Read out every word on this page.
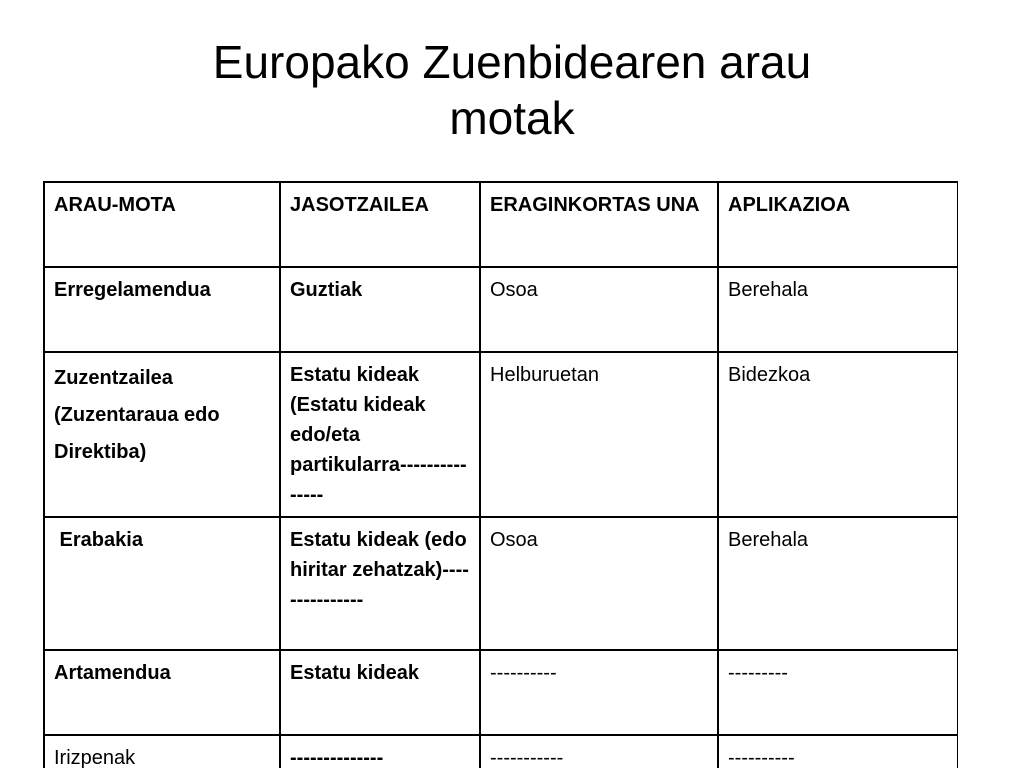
Europako Zuenbidearen arau
motak
ARAU-MOTA	JASOTZAILEA	ERAGINKORTAS UNA	APLIKAZIOA

Erregelamendua	Guztiak	Osoa	Berehala

Zuzentzailea
(Zuzentaraua edo
Direktiba)	Estatu kideak (Estatu kideak edo/eta partikularra---------------	Helburuetan	Bidezkoa

Erabakia	Estatu kideak (edo hiritar zehatzak)---------------	Osoa	Berehala

Artamendua	Estatu kideak	----------	---------

Irizpenak	--------------	-----------	----------
